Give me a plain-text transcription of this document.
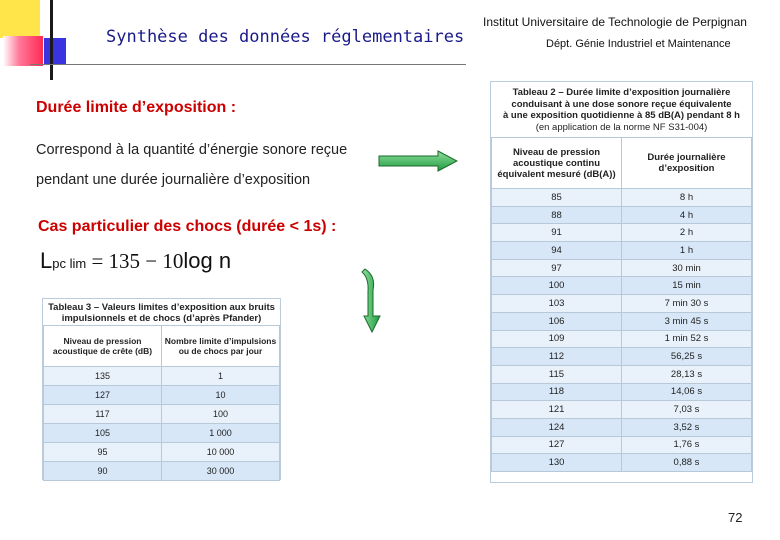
Synthèse des données réglementaires
Institut Universitaire de Technologie de Perpignan
Dépt. Génie Industriel et Maintenance
Durée limite d’exposition :
Correspond à la quantité d’énergie sonore reçue
pendant une durée journalière d’exposition
Cas particulier des chocs (durée < 1s) :
Lpc lim = 135 − 10log n
Tableau 2 – Durée limite d’exposition journalière
conduisant à une dose sonore reçue équivalente
à une exposition quotidienne à 85 dB(A) pendant 8 h
(en application de la norme NF S31-004)
Niveau de pression acoustique continu équivalent mesuré (dB(A))	Durée journalière d’exposition
85	8 h
88	4 h
91	2 h
94	1 h
97	30 min
100	15 min
103	7 min 30 s
106	3 min 45 s
109	1 min 52 s
112	56,25 s
115	28,13 s
118	14,06 s
121	7,03 s
124	3,52 s
127	1,76 s
130	0,88 s
Tableau 3 – Valeurs limites d’exposition aux bruits
impulsionnels et de chocs (d’après Pfander)
Niveau de pression acoustique de crête (dB)	Nombre limite d’impulsions ou de chocs par jour
135	1
127	10
117	100
105	1 000
95	10 000
90	30 000
72
